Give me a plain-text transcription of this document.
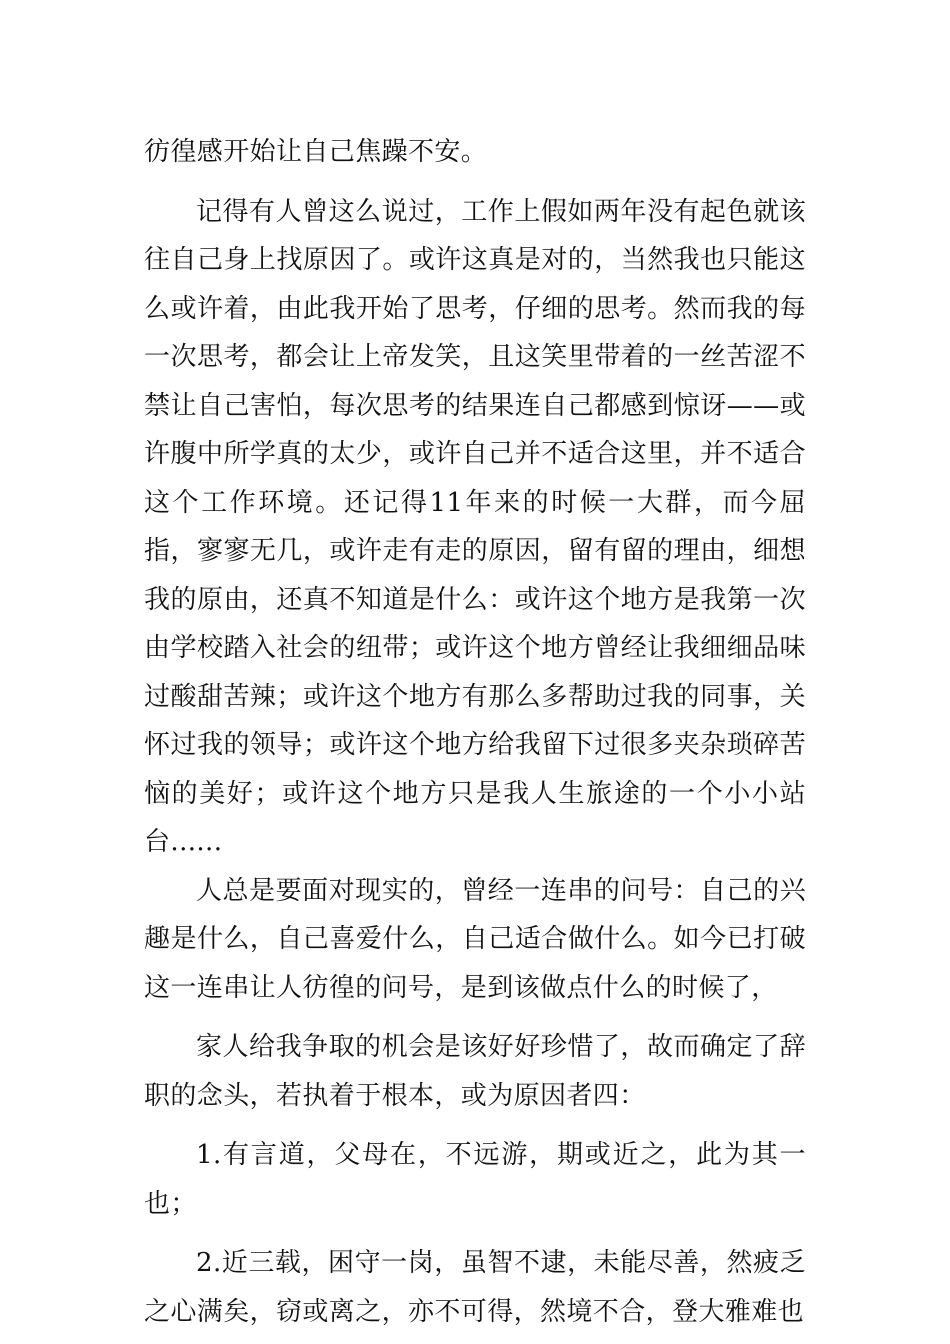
彷徨感开始让自己焦躁不安。

记得有人曾这么说过，工作上假如两年没有起色就该往自己身上找原因了。或许这真是对的，当然我也只能这么或许着，由此我开始了思考，仔细的思考。然而我的每一次思考，都会让上帝发笑，且这笑里带着的一丝苦涩不禁让自己害怕，每次思考的结果连自己都感到惊讶——或许腹中所学真的太少，或许自己并不适合这里，并不适合这个工作环境。还记得11年来的时候一大群，而今屈指，寥寥无几，或许走有走的原因，留有留的理由，细想我的原由，还真不知道是什么：或许这个地方是我第一次由学校踏入社会的纽带；或许这个地方曾经让我细细品味过酸甜苦辣；或许这个地方有那么多帮助过我的同事，关怀过我的领导；或许这个地方给我留下过很多夹杂琐碎苦恼的美好；或许这个地方只是我人生旅途的一个小小站台......

人总是要面对现实的，曾经一连串的问号：自己的兴趣是什么，自己喜爱什么，自己适合做什么。如今已打破这一连串让人彷徨的问号，是到该做点什么的时候了，

家人给我争取的机会是该好好珍惜了，故而确定了辞职的念头，若执着于根本，或为原因者四：

1.有言道，父母在，不远游，期或近之，此为其一也；

2.近三载，困守一岗，虽智不逮，未能尽善，然疲乏之心满矣，窃或离之，亦不可得，然境不合，登大雅难也
